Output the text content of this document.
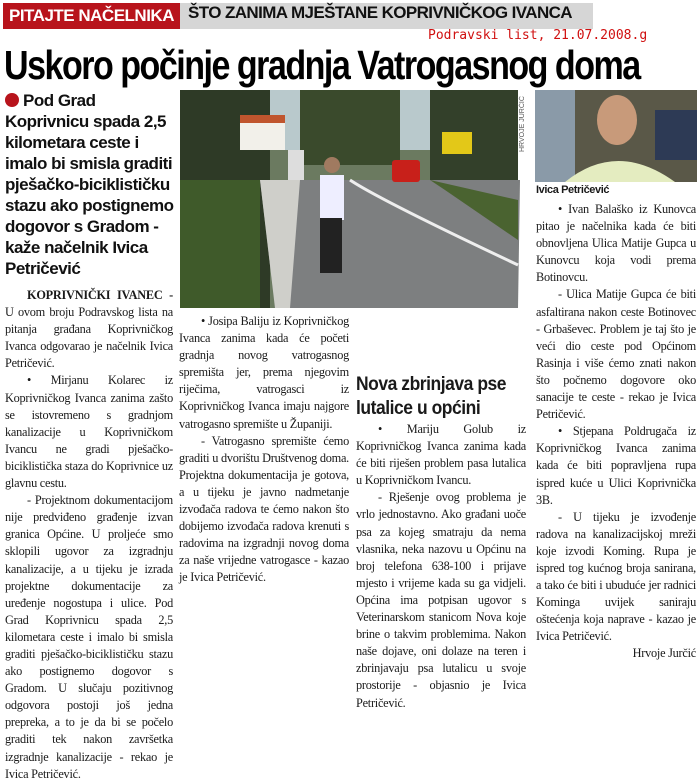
PITAJTE NAČELNIKA ŠTO ZANIMA MJEŠTANE KOPRIVNIČKOG IVANCA
Podravski list, 21.07.2008.g
Uskoro počinje gradnja Vatrogasnog doma
Pod Grad Koprivnicu spada 2,5 kilometara ceste i imalo bi smisla graditi pješačko-biciklističku stazu ako postignemo dogovor s Gradom - kaže načelnik Ivica Petričević

KOPRIVNIČKI IVANEC - U ovom broju Podravskog lista na pitanja građana Koprivničkog Ivanca odgovarao je načelnik Ivica Petričević.

• Mirjanu Kolarec iz Koprivničkog Ivanca zanima zašto se istovremeno s gradnjom kanalizacije u Koprivničkom Ivancu ne gradi pješačko-biciklistička staza do Koprivnice uz glavnu cestu.

- Projektnom dokumentacijom nije predviđeno građenje izvan granica Općine. U proljeće smo sklopili ugovor za izgradnju kanalizacije, a u tijeku je izrada projektne dokumentacije za uređenje nogostupa i ulice. Pod Grad Koprivnicu spada 2,5 kilometara ceste i imalo bi smisla graditi pješačko-biciklističku stazu ako postignemo dogovor s Gradom. U slučaju pozitivnog odgovora postoji još jedna prepreka, a to je da bi se počelo graditi tek nakon završetka izgradnje kanalizacije - rekao je Ivica Petričević.

HRVOJE JURČIĆ
Ivica Petričević

• Josipa Baliju iz Koprivničkog Ivanca zanima kada će početi gradnja novog vatrogasnog spremišta jer, prema njegovim riječima, vatrogasci iz Koprivničkog Ivanca imaju najgore vatrogasno spremište u Županiji.

- Vatrogasno spremište ćemo graditi u dvorištu Društvenog doma. Projektna dokumentacija je gotova, a u tijeku je javno nadmetanje izvođača radova te ćemo nakon što dobijemo izvođača radova krenuti s radovima na izgradnji novog doma za naše vrijedne vatrogasce - kazao je Ivica Petričević.

Nova zbrinjava pse lutalice u općini

• Mariju Golub iz Koprivničkog Ivanca zanima kada će biti riješen problem pasa lutalica u Koprivničkom Ivancu.

- Rješenje ovog problema je vrlo jednostavno. Ako građani uoče psa za kojeg smatraju da nema vlasnika, neka nazovu u Općinu na broj telefona 638-100 i prijave mjesto i vrijeme kada su ga vidjeli. Općina ima potpisan ugovor s Veterinarskom stanicom Nova koje brine o takvim problemima. Nakon naše dojave, oni dolaze na teren i zbrinjavaju psa lutalicu u svoje prostorije - objasnio je Ivica Petričević.

• Ivan Balaško iz Kunovca pitao je načelnika kada će biti obnovljena Ulica Matije Gupca u Kunovcu koja vodi prema Botinovcu.

- Ulica Matije Gupca će biti asfaltirana nakon ceste Botinovec - Grbaševec. Problem je taj što je veći dio ceste pod Općinom Rasinja i više ćemo znati nakon što počnemo dogovore oko sanacije te ceste - rekao je Ivica Petričević.

• Stjepana Poldrugača iz Koprivničkog Ivanca zanima kada će biti popravljena rupa ispred kuće u Ulici Koprivnička 3B.

- U tijeku je izvođenje radova na kanalizacijskoj mreži koje izvodi Koming. Rupa je ispred tog kućnog broja sanirana, a tako će biti i ubuduće jer radnici Kominga uvijek saniraju oštećenja koja naprave - kazao je Ivica Petričević.

Hrvoje Jurčić
